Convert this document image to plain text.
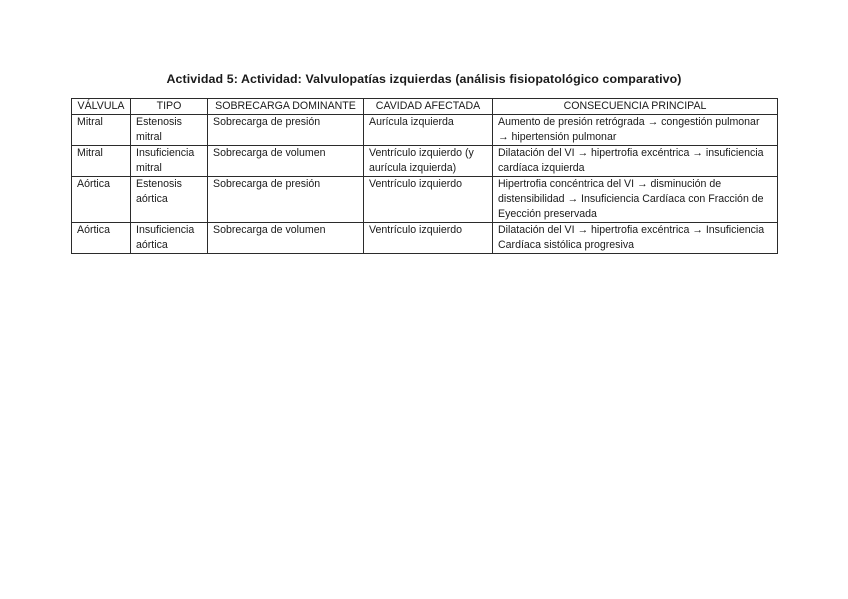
Actividad 5: Actividad: Valvulopatías izquierdas (análisis fisiopatológico comparativo)
VÁLVULA	TIPO	SOBRECARGA DOMINANTE	CAVIDAD AFECTADA	CONSECUENCIA PRINCIPAL
Mitral	Estenosis mitral	Sobrecarga de presión	Aurícula izquierda	Aumento de presión retrógrada → congestión pulmonar → hipertensión pulmonar
Mitral	Insuficiencia mitral	Sobrecarga de volumen	Ventrículo izquierdo (y aurícula izquierda)	Dilatación del VI → hipertrofia excéntrica → insuficiencia cardíaca izquierda
Aórtica	Estenosis aórtica	Sobrecarga de presión	Ventrículo izquierdo	Hipertrofia concéntrica del VI → disminución de distensibilidad → Insuficiencia Cardíaca con Fracción de Eyección preservada
Aórtica	Insuficiencia aórtica	Sobrecarga de volumen	Ventrículo izquierdo	Dilatación del VI → hipertrofia excéntrica → Insuficiencia Cardíaca sistólica progresiva
